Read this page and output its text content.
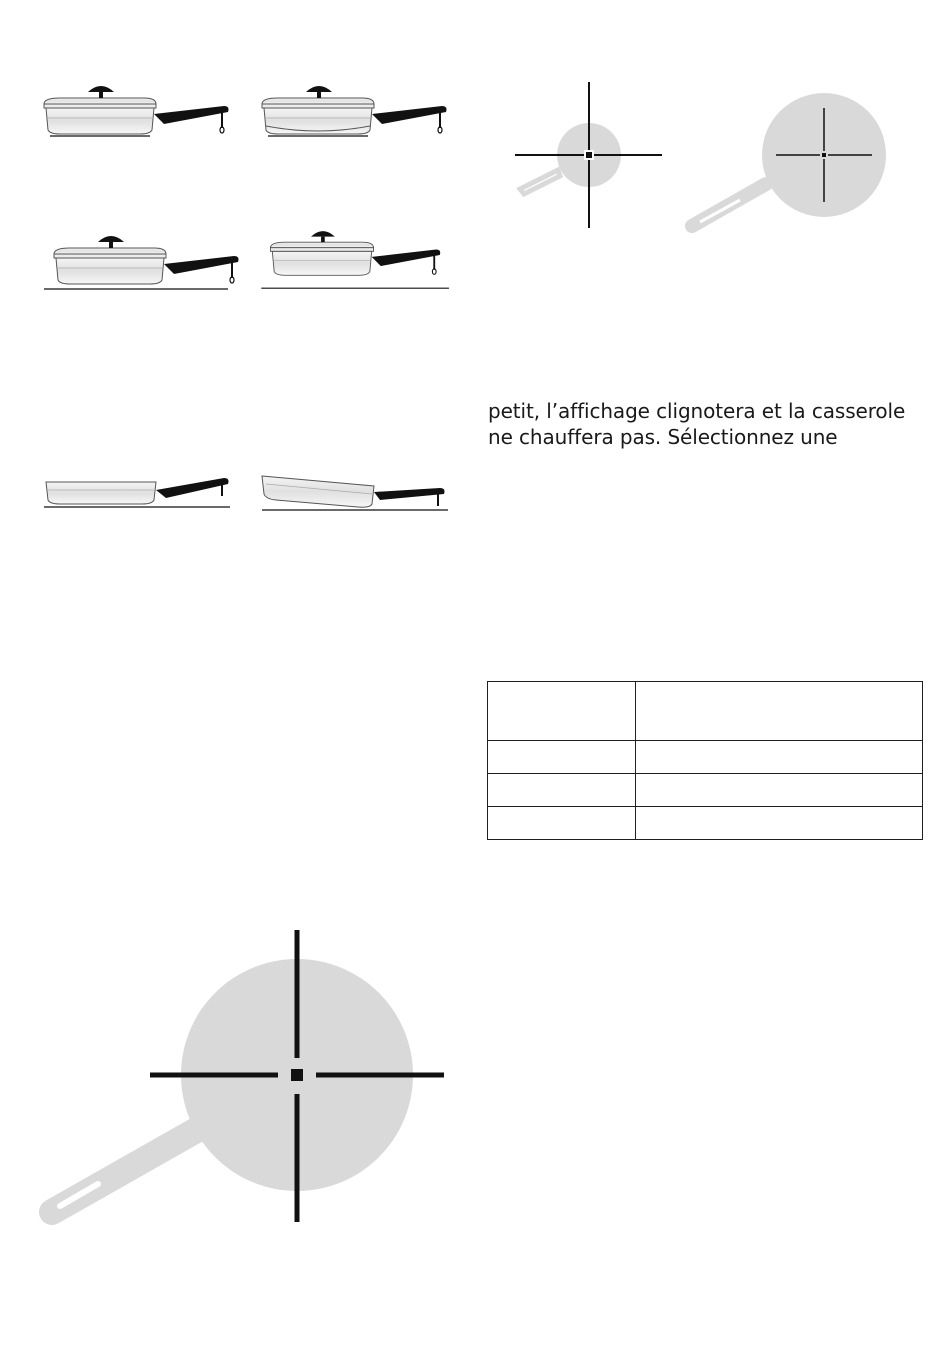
petit, l’affichage clignotera et la casserole
ne chauffera pas. Sélectionnez une
